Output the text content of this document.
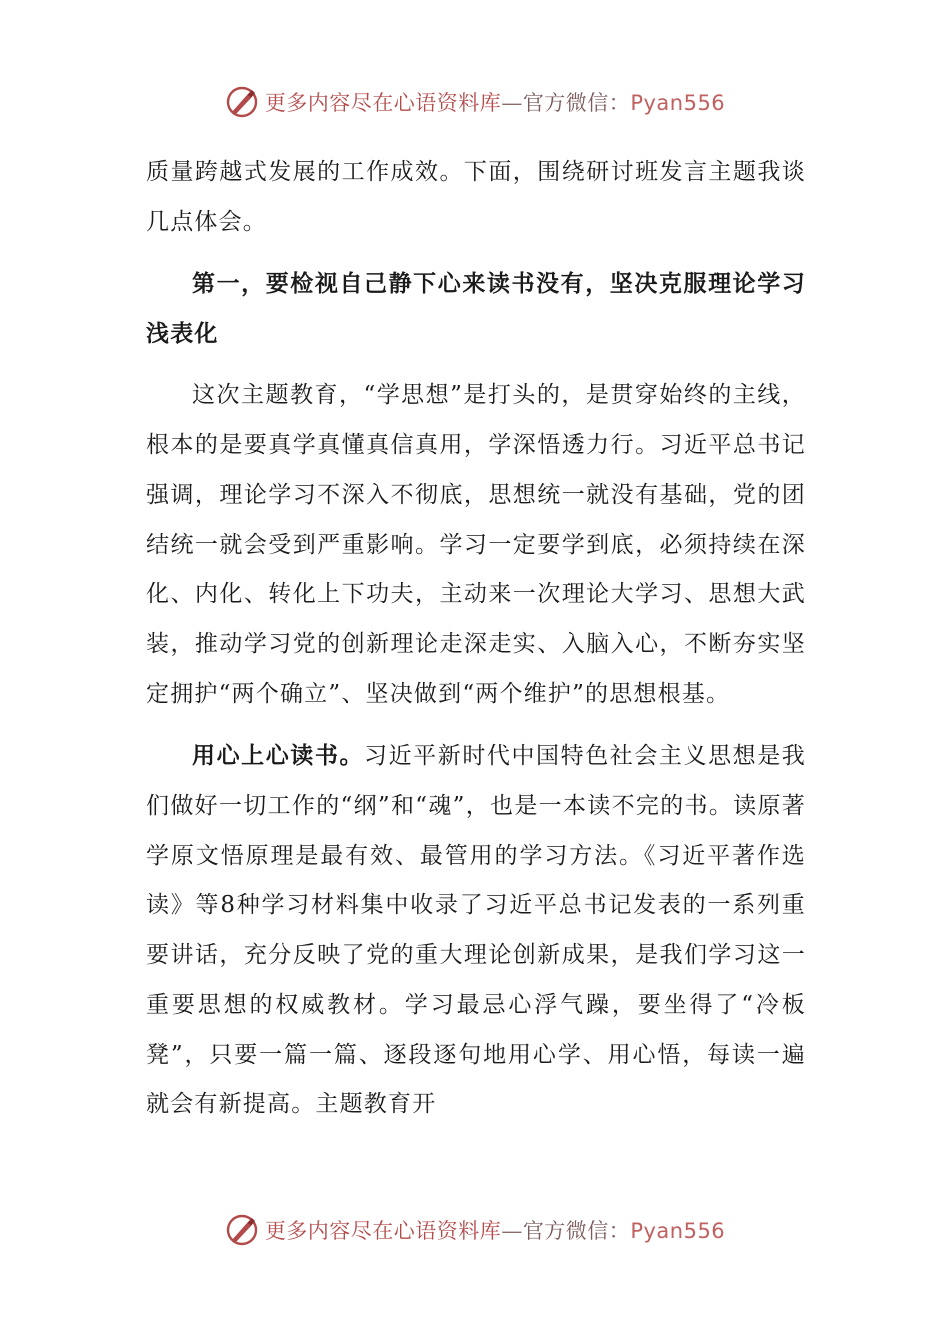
更多内容尽在心语资料库—官方微信：Pyan556

质量跨越式发展的工作成效。下面，围绕研讨班发言主题我谈几点体会。

第一，要检视自己静下心来读书没有，坚决克服理论学习浅表化

这次主题教育，“学思想”是打头的，是贯穿始终的主线，根本的是要真学真懂真信真用，学深悟透力行。习近平总书记强调，理论学习不深入不彻底，思想统一就没有基础，党的团结统一就会受到严重影响。学习一定要学到底，必须持续在深化、内化、转化上下功夫，主动来一次理论大学习、思想大武装，推动学习党的创新理论走深走实、入脑入心，不断夯实坚定拥护“两个确立”、坚决做到“两个维护”的思想根基。

用心上心读书。习近平新时代中国特色社会主义思想是我们做好一切工作的“纲”和“魂”，也是一本读不完的书。读原著学原文悟原理是最有效、最管用的学习方法。《习近平著作选读》等8种学习材料集中收录了习近平总书记发表的一系列重要讲话，充分反映了党的重大理论创新成果，是我们学习这一重要思想的权威教材。学习最忌心浮气躁，要坐得了“冷板凳”，只要一篇一篇、逐段逐句地用心学、用心悟，每读一遍就会有新提高。主题教育开

更多内容尽在心语资料库—官方微信：Pyan556
